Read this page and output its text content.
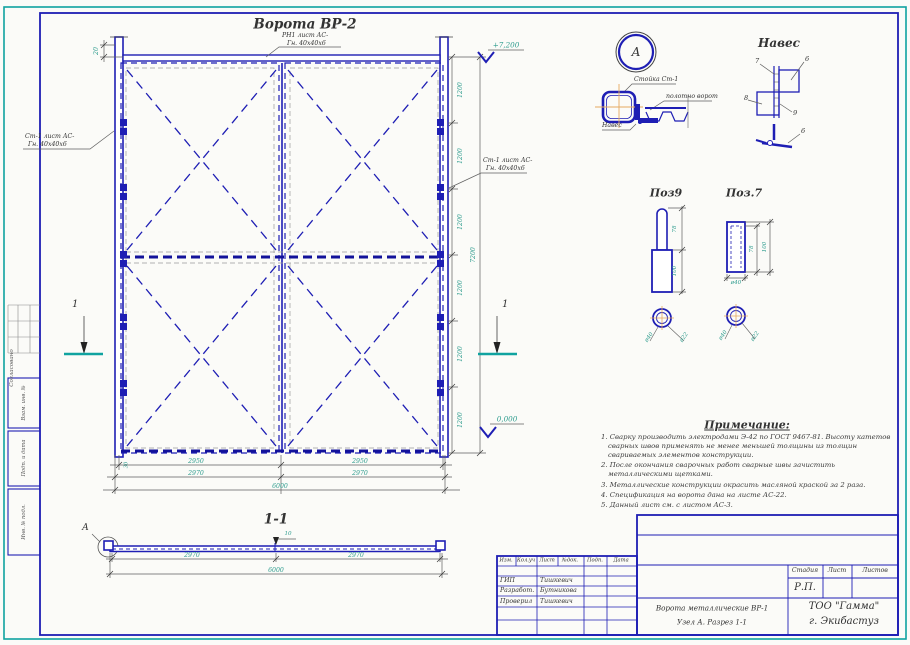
Ворота ВР-2
РН1 лист АС-
Гн. 40х40х6
Ст-1 лист АС-
Гн. 40х40х6
Ст-1 лист АС-
Гн. 40х40х6
+7,200
0,000
20
1200
1200
1200
1200
1200
1200
7200
2950	2950
2970	2970
6000
30
1	1
А
Стойка Ст-1
полотно ворот
Навес
Навес
7	6
8
9
6
Поз9
78
100
ø40	ø22
Поз.7
78 100
ø40
ø40	ø22
Примечание:
1. Сварку производить электродами Э-42 по ГОСТ 9467-81. Высоту катетов сварных швов применять не менее меньшей толщины из толщин свариваемых элементов конструкции.
2. После окончания сварочных работ сварные швы зачистить металлическими щетками.
3. Металлические конструкции окрасить масляной краской за 2 раза.
4. Спецификация на ворота дана на листе АС-22.
5. Данный лист см. с листом АС-3.
1-1
А
10
2970	2970
6000
Изм. Кол.уч Лист №док. Подп. Дата
ГИП	Тишкевич
Разработ. Бутникова
Проверил Тишкевич
Ворота металлические ВР-1
Узел А. Разрез 1-1
Стадия Лист	Листов
Р.П.
ТОО "Гамма"
г. Экибастуз
Согласовано
Взам. инв. №
Подп. и дата
Инв. № подл.
